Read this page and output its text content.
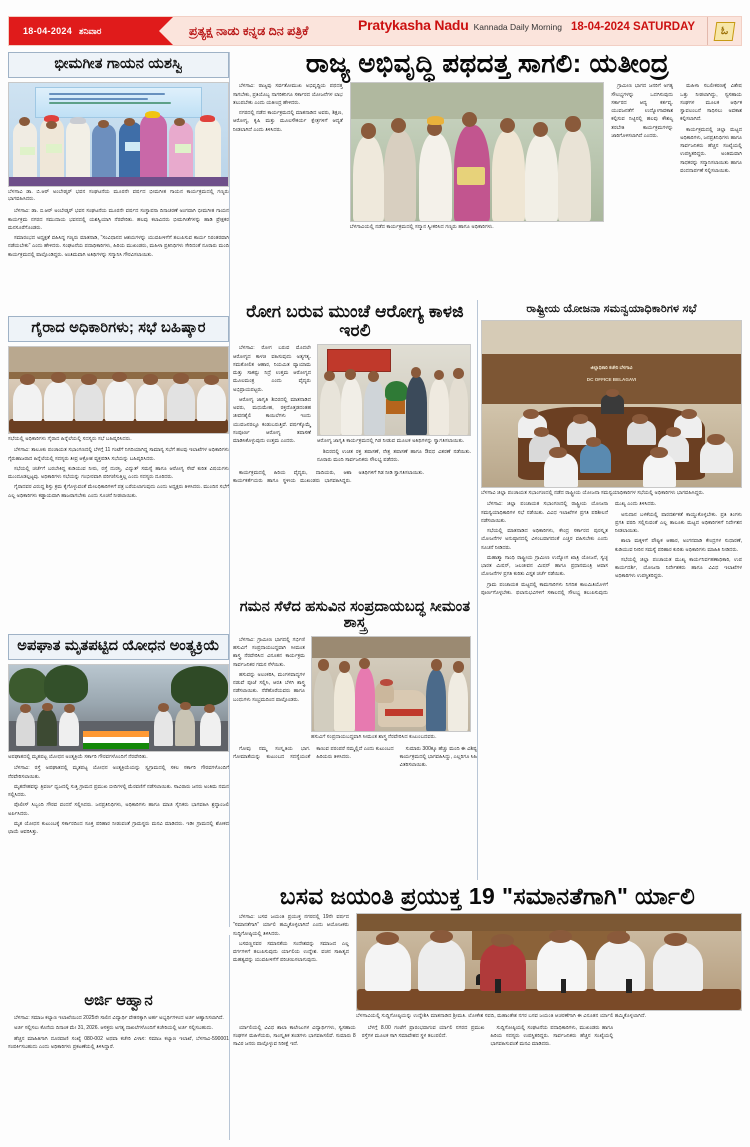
18-04-2024 ಶನಿವಾರ	ಪ್ರತ್ಯಕ್ಷ ನಾಡು ಕನ್ನಡ ದಿನ ಪತ್ರಿಕೆ	Pratykasha Nadu Kannada Daily Morning 18-04-2024 SATURDAY	ಓ
ಭೀಮಗೀತ ಗಾಯನ ಯಶಸ್ವಿ
ಬೆಳಗಾವಿ ಡಾ. ಬಿ.ಆರ್ ಅಂಬೇಡ್ಕರ್ ಭವನ ಸಂಘಟನೆಯ ಮೂರನೇ ವರ್ಷದ ಭೀಮಗೀತ ಗಾಯನ ಕಾರ್ಯಕ್ರಮದಲ್ಲಿ ಗಣ್ಯರು ಭಾಗವಹಿಸಿದರು.

ಬೆಳಗಾವಿ: ಡಾ. ಬಿ.ಆರ್ ಅಂಬೇಡ್ಕರ್ ಭವನ ಸಂಘಟನೆಯ ಮೂರನೇ ವರ್ಷದ ಸಂಸ್ಥಾಪನಾ ದಿನಾಚರಣೆ ಅಂಗವಾಗಿ ಭೀಮಗೀತ ಗಾಯನ ಕಾರ್ಯಕ್ರಮ ನಗರದ ಸಮುದಾಯ ಭವನದಲ್ಲಿ ಯಶಸ್ವಿಯಾಗಿ ನೆರವೇರಿತು. ಹಲವು ಕಲಾವಿದರು ಭೀಮಗೀತೆಗಳನ್ನು ಹಾಡಿ ಪ್ರೇಕ್ಷಕರ ಮನಸೂರೆಗೊಂಡರು.

ಸಮಾರಂಭದ ಅಧ್ಯಕ್ಷತೆ ವಹಿಸಿದ್ದ ಗಣ್ಯರು ಮಾತನಾಡಿ, "ಸಂವಿಧಾನದ ಆಶಯಗಳನ್ನು ಯುವಪೀಳಿಗೆಗೆ ತಲುಪಿಸುವ ಕಾರ್ಯ ನಿರಂತರವಾಗಿ ನಡೆಯಬೇಕು" ಎಂದು ಹೇಳಿದರು. ಸಂಘಟನೆಯ ಪದಾಧಿಕಾರಿಗಳು, ಹಿರಿಯ ಮುಖಂಡರು, ಮಹಿಳಾ ಪ್ರತಿನಿಧಿಗಳು ಸೇರಿದಂತೆ ನೂರಾರು ಮಂದಿ ಕಾರ್ಯಕ್ರಮದಲ್ಲಿ ಪಾಲ್ಗೊಂಡಿದ್ದರು. ಅಂತಿಮವಾಗಿ ಅತಿಥಿಗಳನ್ನು ಸನ್ಮಾನಿಸಿ ಗೌರವಿಸಲಾಯಿತು.

ಗೈರಾದ ಅಧಿಕಾರಿಗಳು; ಸಭೆ ಬಹಿಷ್ಕಾರ
ಸಭೆಯಲ್ಲಿ ಅಧಿಕಾರಿಗಳು ಗೈರಾದ ಹಿನ್ನೆಲೆಯಲ್ಲಿ ಸದಸ್ಯರು ಸಭೆ ಬಹಿಷ್ಕರಿಸಿದರು.

ಬೆಳಗಾವಿ: ತಾಲೂಕು ಪಂಚಾಯತ ಸಭಾಂಗಣದಲ್ಲಿ ಬೆಳಗ್ಗೆ 11 ಗಂಟೆಗೆ ನಿಗದಿಯಾಗಿದ್ದ ಸಾಮಾನ್ಯ ಸಭೆಗೆ ಹಲವು ಇಲಾಖೆಗಳ ಅಧಿಕಾರಿಗಳು ಗೈರುಹಾಜರಾದ ಹಿನ್ನೆಲೆಯಲ್ಲಿ ಸದಸ್ಯರು ತೀವ್ರ ಆಕ್ರೋಶ ವ್ಯಕ್ತಪಡಿಸಿ ಸಭೆಯನ್ನು ಬಹಿಷ್ಕರಿಸಿದರು.

ಸಭೆಯಲ್ಲಿ ಚರ್ಚೆಗೆ ಬರಬೇಕಿದ್ದ ಕುಡಿಯುವ ನೀರು, ರಸ್ತೆ ದುರಸ್ತಿ, ವಿದ್ಯುತ್ ಸಮಸ್ಯೆ ಹಾಗೂ ಆರೋಗ್ಯ ಸೇವೆ ಕುರಿತ ವಿಷಯಗಳು ಮುಂದೂಡಲ್ಪಟ್ಟವು. ಅಧಿಕಾರಿಗಳು ಸಭೆಯನ್ನು ಗಂಭೀರವಾಗಿ ಪರಿಗಣಿಸುತ್ತಿಲ್ಲ ಎಂದು ಸದಸ್ಯರು ದೂರಿದರು.

ಗೈರಾದವರ ವಿರುದ್ಧ ಶಿಸ್ತು ಕ್ರಮ ಕೈಗೊಳ್ಳುವಂತೆ ಮೇಲಧಿಕಾರಿಗಳಿಗೆ ಪತ್ರ ಬರೆಯಲಾಗುವುದು ಎಂದು ಅಧ್ಯಕ್ಷರು ತಿಳಿಸಿದರು. ಮುಂದಿನ ಸಭೆಗೆ ಎಲ್ಲ ಅಧಿಕಾರಿಗಳು ಕಡ್ಡಾಯವಾಗಿ ಹಾಜರಾಗಬೇಕು ಎಂದು ಸೂಚನೆ ನೀಡಲಾಯಿತು.

ಅಪಘಾತ ಮೃತಪಟ್ಟಿದ ಯೋಧನ ಅಂತ್ಯಕ್ರಿಯೆ
ಅಪಘಾತದಲ್ಲಿ ಮೃತಪಟ್ಟ ಯೋಧನ ಅಂತ್ಯಕ್ರಿಯೆ ಸರ್ಕಾರಿ ಗೌರವಗಳೊಂದಿಗೆ ನೆರವೇರಿತು.

ಬೆಳಗಾವಿ: ರಸ್ತೆ ಅಪಘಾತದಲ್ಲಿ ಮೃತಪಟ್ಟ ಯೋಧನ ಅಂತ್ಯಕ್ರಿಯೆಯನ್ನು ಸ್ವಗ್ರಾಮದಲ್ಲಿ ಸಕಲ ಸರ್ಕಾರಿ ಗೌರವಗಳೊಂದಿಗೆ ನೆರವೇರಿಸಲಾಯಿತು.

ಮೃತದೇಹವನ್ನು ತ್ರಿವರ್ಣ ಧ್ವಜದಲ್ಲಿ ಸುತ್ತಿ ಗ್ರಾಮದ ಪ್ರಮುಖ ಬೀದಿಗಳಲ್ಲಿ ಮೆರವಣಿಗೆ ನಡೆಸಲಾಯಿತು. ಸಾವಿರಾರು ಜನರು ಅಂತಿಮ ನಮನ ಸಲ್ಲಿಸಿದರು.

ಪೊಲೀಸ್ ಸಿಬ್ಬಂದಿ ಗೌರವ ವಂದನೆ ಸಲ್ಲಿಸಿದರು. ಜನಪ್ರತಿನಿಧಿಗಳು, ಅಧಿಕಾರಿಗಳು ಹಾಗೂ ಮಾಜಿ ಸೈನಿಕರು ಭಾಗವಹಿಸಿ ಶ್ರದ್ಧಾಂಜಲಿ ಅರ್ಪಿಸಿದರು.

ಮೃತ ಯೋಧನ ಕುಟುಂಬಕ್ಕೆ ಸರ್ಕಾರದಿಂದ ಸೂಕ್ತ ಪರಿಹಾರ ನೀಡುವಂತೆ ಗ್ರಾಮಸ್ಥರು ಮನವಿ ಮಾಡಿದರು. ಇಡೀ ಗ್ರಾಮದಲ್ಲಿ ಶೋಕದ ಛಾಯೆ ಆವರಿಸಿತ್ತು.

ಅರ್ಜಿ ಆಹ್ವಾನ

ಬೆಳಗಾವಿ: ಸಮಾಜ ಕಲ್ಯಾಣ ಇಲಾಖೆಯಿಂದ 2025ನೇ ಸಾಲಿನ ವಿದ್ಯಾರ್ಥಿ ವೇತನಕ್ಕಾಗಿ ಅರ್ಹ ಅಭ್ಯರ್ಥಿಗಳಿಂದ ಅರ್ಜಿ ಆಹ್ವಾನಿಸಲಾಗಿದೆ.

ಅರ್ಜಿ ಸಲ್ಲಿಸಲು ಕೊನೆಯ ದಿನಾಂಕ ಮೇ 31, 2026. ಆಸಕ್ತರು ಅಗತ್ಯ ದಾಖಲೆಗಳೊಂದಿಗೆ ಕಚೇರಿಯಲ್ಲಿ ಅರ್ಜಿ ಸಲ್ಲಿಸಬಹುದು.

ಹೆಚ್ಚಿನ ಮಾಹಿತಿಗಾಗಿ ದೂರವಾಣಿ ಸಂಖ್ಯೆ 080-002 ಅಥವಾ ಕಚೇರಿ ವಿಳಾಸ: ಸಮಾಜ ಕಲ್ಯಾಣ ಇಲಾಖೆ, ಬೆಳಗಾವಿ-590001 ಸಂಪರ್ಕಿಸಬಹುದು ಎಂದು ಅಧಿಕಾರಿಗಳು ಪ್ರಕಟಣೆಯಲ್ಲಿ ತಿಳಿಸಿದ್ದಾರೆ.

ರಾಜ್ಯ ಅಭಿವೃದ್ಧಿ ಪಥದತ್ತ ಸಾಗಲಿ: ಯತೀಂದ್ರ

ಬೆಳಗಾವಿ: ರಾಜ್ಯವು ಸರ್ವತೋಮುಖ ಅಭಿವೃದ್ಧಿಯ ಪಥದತ್ತ ಸಾಗಬೇಕು, ಪ್ರತಿಯೊಬ್ಬ ನಾಗರಿಕನಿಗೂ ಸರ್ಕಾರದ ಯೋಜನೆಗಳ ಲಾಭ ತಲುಪಬೇಕು ಎಂದು ಯತೀಂದ್ರ ಹೇಳಿದರು.

ನಗರದಲ್ಲಿ ನಡೆದ ಕಾರ್ಯಕ್ರಮದಲ್ಲಿ ಮಾತನಾಡಿದ ಅವರು, ಶಿಕ್ಷಣ, ಆರೋಗ್ಯ, ಕೃಷಿ ಮತ್ತು ಮೂಲಸೌಕರ್ಯ ಕ್ಷೇತ್ರಗಳಿಗೆ ಆದ್ಯತೆ ನೀಡಲಾಗಿದೆ ಎಂದು ತಿಳಿಸಿದರು.

ಬೆಳಗಾವಿಯಲ್ಲಿ ನಡೆದ ಕಾರ್ಯಕ್ರಮದಲ್ಲಿ ಸನ್ಮಾನ ಸ್ವೀಕರಿಸಿದ ಗಣ್ಯರು ಹಾಗೂ ಅಧಿಕಾರಿಗಳು.

ಗ್ರಾಮೀಣ ಭಾಗದ ಜನರಿಗೆ ಅಗತ್ಯ ಸೌಲಭ್ಯಗಳನ್ನು ಒದಗಿಸುವುದು ಸರ್ಕಾರದ ಆದ್ಯ ಕರ್ತವ್ಯ. ಯುವಜನತೆಗೆ ಉದ್ಯೋಗಾವಕಾಶ ಕಲ್ಪಿಸುವ ನಿಟ್ಟಿನಲ್ಲಿ ಹಲವು ಕೌಶಲ್ಯ ತರಬೇತಿ ಕಾರ್ಯಕ್ರಮಗಳನ್ನು ಜಾರಿಗೊಳಿಸಲಾಗಿದೆ ಎಂದರು.

ಮಹಿಳಾ ಸಬಲೀಕರಣಕ್ಕೆ ವಿಶೇಷ ಒತ್ತು ನೀಡಲಾಗಿದ್ದು, ಸ್ವಸಹಾಯ ಸಂಘಗಳ ಮೂಲಕ ಆರ್ಥಿಕ ಸ್ವಾವಲಂಬನೆ ಸಾಧಿಸಲು ಅವಕಾಶ ಕಲ್ಪಿಸಲಾಗಿದೆ.

ಕಾರ್ಯಕ್ರಮದಲ್ಲಿ ಜಿಲ್ಲಾ ಮಟ್ಟದ ಅಧಿಕಾರಿಗಳು, ಜನಪ್ರತಿನಿಧಿಗಳು ಹಾಗೂ ಸಾರ್ವಜನಿಕರು ಹೆಚ್ಚಿನ ಸಂಖ್ಯೆಯಲ್ಲಿ ಉಪಸ್ಥಿತರಿದ್ದರು. ಅಂತಿಮವಾಗಿ ಸಾಧಕರನ್ನು ಸನ್ಮಾನಿಸಲಾಯಿತು ಹಾಗೂ ವಂದನಾರ್ಪಣೆ ಸಲ್ಲಿಸಲಾಯಿತು.

ರೋಗ ಬರುವ ಮುಂಚೆ ಆರೋಗ್ಯ ಕಾಳಜಿ ಇರಲಿ

ಬೆಳಗಾವಿ: ರೋಗ ಬರುವ ಮೊದಲೇ ಆರೋಗ್ಯದ ಕಾಳಜಿ ವಹಿಸುವುದು ಅತ್ಯಗತ್ಯ. ಸಮತೋಲಿತ ಆಹಾರ, ನಿಯಮಿತ ವ್ಯಾಯಾಮ ಮತ್ತು ಸಾಕಷ್ಟು ನಿದ್ರೆ ಉತ್ತಮ ಆರೋಗ್ಯದ ಮೂಲಮಂತ್ರ ಎಂದು ವೈದ್ಯರು ಅಭಿಪ್ರಾಯಪಟ್ಟರು.

ಆರೋಗ್ಯ ಜಾಗೃತಿ ಶಿಬಿರದಲ್ಲಿ ಮಾತನಾಡಿದ ಅವರು, ಮಧುಮೇಹ, ರಕ್ತದೊತ್ತಡದಂತಹ ಜೀವನಶೈಲಿ ಕಾಯಿಲೆಗಳು ಇಂದು ಯುವಜನರಲ್ಲೂ ಕಂಡುಬರುತ್ತಿವೆ. ವರ್ಷಕ್ಕೊಮ್ಮೆ ಸಂಪೂರ್ಣ ಆರೋಗ್ಯ ತಪಾಸಣೆ ಮಾಡಿಸಿಕೊಳ್ಳುವುದು ಉತ್ತಮ ಎಂದರು.	ಆರೋಗ್ಯ ಜಾಗೃತಿ ಕಾರ್ಯಕ್ರಮದಲ್ಲಿ ಗಿಡ ನೀಡುವ ಮೂಲಕ ಅತಿಥಿಗಳನ್ನು ಸ್ವಾಗತಿಸಲಾಯಿತು.

ಶಿಬಿರದಲ್ಲಿ ಉಚಿತ ರಕ್ತ ತಪಾಸಣೆ, ನೇತ್ರ ತಪಾಸಣೆ ಹಾಗೂ ಔಷಧ ವಿತರಣೆ ನಡೆಯಿತು. ನೂರಾರು ಮಂದಿ ಸಾರ್ವಜನಿಕರು ಸೌಲಭ್ಯ ಪಡೆದರು.

ಕಾರ್ಯಕ್ರಮದಲ್ಲಿ ಹಿರಿಯ ವೈದ್ಯರು, ದಾದಿಯರು, ಆಶಾ ಕಾರ್ಯಕರ್ತೆಯರು ಹಾಗೂ ಸ್ಥಳೀಯ ಮುಖಂಡರು ಭಾಗವಹಿಸಿದ್ದರು. ಅತಿಥಿಗಳಿಗೆ ಗಿಡ ನೀಡಿ ಸ್ವಾಗತಿಸಲಾಯಿತು.

ಗಮನ ಸೆಳೆದ ಹಸುವಿನ ಸಂಪ್ರದಾಯಬದ್ಧ ಸೀಮಂತ ಶಾಸ್ತ್ರ

ಬೆಳಗಾವಿ: ಗ್ರಾಮೀಣ ಭಾಗದಲ್ಲಿ ಗರ್ಭಿಣಿ ಹಸುವಿಗೆ ಸಂಪ್ರದಾಯಬದ್ಧವಾಗಿ ಸೀಮಂತ ಶಾಸ್ತ್ರ ನೆರವೇರಿಸಿದ ವಿನೂತನ ಕಾರ್ಯಕ್ರಮ ಸಾರ್ವಜನಿಕರ ಗಮನ ಸೆಳೆಯಿತು.

ಹಸುವನ್ನು ಅಲಂಕರಿಸಿ, ಮಂಗಳವಾದ್ಯಗಳ ನಡುವೆ ಪೂಜೆ ಸಲ್ಲಿಸಿ, ಆರತಿ ಬೆಳಗಿ ಶಾಸ್ತ್ರ ನಡೆಸಲಾಯಿತು. ನೆರೆಹೊರೆಯವರು ಹಾಗೂ ಬಂಧುಗಳು ಸಂಭ್ರಮದಿಂದ ಪಾಲ್ಗೊಂಡರು.

ಹಸುವಿಗೆ ಸಂಪ್ರದಾಯಬದ್ಧವಾಗಿ ಸೀಮಂತ ಶಾಸ್ತ್ರ ನೆರವೇರಿಸಿದ ಕುಟುಂಬದವರು.

ಗೋವು ನಮ್ಮ ಸಂಸ್ಕೃತಿಯ ಭಾಗ. ಗೋಮಾತೆಯನ್ನು ಕುಟುಂಬದ ಸದಸ್ಯೆಯಂತೆ ಕಾಣುವ ಪರಂಪರೆ ನಮ್ಮಲ್ಲಿದೆ ಎಂದು ಕುಟುಂಬದ ಹಿರಿಯರು ತಿಳಿಸಿದರು.

ಸುಮಾರು 300ಕ್ಕೂ ಹೆಚ್ಚು ಮಂದಿ ಈ ವಿಶಿಷ್ಟ ಕಾರ್ಯಕ್ರಮದಲ್ಲಿ ಭಾಗವಹಿಸಿದ್ದು, ಎಲ್ಲರಿಗೂ ಸಿಹಿ ವಿತರಿಸಲಾಯಿತು.

ರಾಷ್ಟ್ರೀಯ ಯೋಜನಾ ಸಮನ್ವಯಾಧಿಕಾರಿಗಳ ಸಭೆ
ಜಿಲ್ಲಾಧಿಕಾರಿ ಕಚೇರಿ ಬೆಳಗಾವಿ
DC OFFICE BELAGAVI
ಬೆಳಗಾವಿ ಜಿಲ್ಲಾ ಪಂಚಾಯತ ಸಭಾಂಗಣದಲ್ಲಿ ನಡೆದ ರಾಷ್ಟ್ರೀಯ ಯೋಜನಾ ಸಮನ್ವಯಾಧಿಕಾರಿಗಳ ಸಭೆಯಲ್ಲಿ ಅಧಿಕಾರಿಗಳು ಭಾಗವಹಿಸಿದ್ದರು.

ಬೆಳಗಾವಿ: ಜಿಲ್ಲಾ ಪಂಚಾಯತ ಸಭಾಂಗಣದಲ್ಲಿ ರಾಷ್ಟ್ರೀಯ ಯೋಜನಾ ಸಮನ್ವಯಾಧಿಕಾರಿಗಳ ಸಭೆ ನಡೆಯಿತು. ವಿವಿಧ ಇಲಾಖೆಗಳ ಪ್ರಗತಿ ಪರಿಶೀಲನೆ ನಡೆಸಲಾಯಿತು.

ಸಭೆಯಲ್ಲಿ ಮಾತನಾಡಿದ ಅಧಿಕಾರಿಗಳು, ಕೇಂದ್ರ ಸರ್ಕಾರದ ಪುರಸ್ಕೃತ ಯೋಜನೆಗಳ ಅನುಷ್ಠಾನದಲ್ಲಿ ವಿಳಂಬವಾಗದಂತೆ ಎಚ್ಚರ ವಹಿಸಬೇಕು ಎಂದು ಸೂಚನೆ ನೀಡಿದರು.

ಮಹಾತ್ಮಾ ಗಾಂಧಿ ರಾಷ್ಟ್ರೀಯ ಗ್ರಾಮೀಣ ಉದ್ಯೋಗ ಖಾತ್ರಿ ಯೋಜನೆ, ಸ್ವಚ್ಛ ಭಾರತ ಮಿಷನ್, ಜಲಜೀವನ ಮಿಷನ್ ಹಾಗೂ ಪ್ರಧಾನಮಂತ್ರಿ ಆವಾಸ ಯೋಜನೆಗಳ ಪ್ರಗತಿ ಕುರಿತು ವಿಸ್ತೃತ ಚರ್ಚೆ ನಡೆಯಿತು.

ಗ್ರಾಮ ಪಂಚಾಯತ ಮಟ್ಟದಲ್ಲಿ ಕಾಮಗಾರಿಗಳು ನಿಗದಿತ ಕಾಲಮಿತಿಯೊಳಗೆ ಪೂರ್ಣಗೊಳ್ಳಬೇಕು. ಫಲಾನುಭವಿಗಳಿಗೆ ಸಕಾಲದಲ್ಲಿ ಸೌಲಭ್ಯ ತಲುಪಿಸುವುದು ಮುಖ್ಯ ಎಂದು ತಿಳಿಸಿದರು.

ಅನುದಾನ ಬಳಕೆಯಲ್ಲಿ ಪಾರದರ್ಶಕತೆ ಕಾಯ್ದುಕೊಳ್ಳಬೇಕು. ಪ್ರತಿ ತಿಂಗಳು ಪ್ರಗತಿ ವರದಿ ಸಲ್ಲಿಸುವಂತೆ ಎಲ್ಲ ತಾಲೂಕು ಮಟ್ಟದ ಅಧಿಕಾರಿಗಳಿಗೆ ನಿರ್ದೇಶನ ನೀಡಲಾಯಿತು.

ಶಾಲಾ ಮಕ್ಕಳಿಗೆ ಪೌಷ್ಟಿಕ ಆಹಾರ, ಅಂಗನವಾಡಿ ಕೇಂದ್ರಗಳ ಸುಧಾರಣೆ, ಕುಡಿಯುವ ನೀರಿನ ಸಮಸ್ಯೆ ಪರಿಹಾರ ಕುರಿತು ಅಧಿಕಾರಿಗಳು ಮಾಹಿತಿ ನೀಡಿದರು.

ಸಭೆಯಲ್ಲಿ ಜಿಲ್ಲಾ ಪಂಚಾಯತ ಮುಖ್ಯ ಕಾರ್ಯನಿರ್ವಹಣಾಧಿಕಾರಿ, ಉಪ ಕಾರ್ಯದರ್ಶಿ, ಯೋಜನಾ ನಿರ್ದೇಶಕರು ಹಾಗೂ ವಿವಿಧ ಇಲಾಖೆಗಳ ಅಧಿಕಾರಿಗಳು ಉಪಸ್ಥಿತರಿದ್ದರು.

ಬಸವ ಜಯಂತಿ ಪ್ರಯುಕ್ತ 19 "ಸಮಾನತೆಗಾಗಿ" ರ್ಯಾಲಿ

ಬೆಳಗಾವಿ: ಬಸವ ಜಯಂತಿ ಪ್ರಯುಕ್ತ ನಗರದಲ್ಲಿ 19ನೇ ವರ್ಷದ "ಸಮಾನತೆಗಾಗಿ" ರ್ಯಾಲಿ ಹಮ್ಮಿಕೊಳ್ಳಲಾಗಿದೆ ಎಂದು ಆಯೋಜಕರು ಸುದ್ದಿಗೋಷ್ಠಿಯಲ್ಲಿ ತಿಳಿಸಿದರು.

ಬಸವಣ್ಣನವರ ಸಮಾನತೆಯ ಸಂದೇಶವನ್ನು ಸಮಾಜದ ಎಲ್ಲ ವರ್ಗಗಳಿಗೆ ತಲುಪಿಸುವುದು ರ್ಯಾಲಿಯ ಉದ್ದೇಶ. ವಚನ ಸಾಹಿತ್ಯದ ಮಹತ್ವವನ್ನು ಯುವಪೀಳಿಗೆಗೆ ಪರಿಚಯಿಸಲಾಗುವುದು.

ಬೆಳಗಾವಿಯಲ್ಲಿ ಸುದ್ದಿಗೋಷ್ಠಿಯನ್ನು ಉದ್ದೇಶಿಸಿ ಮಾತನಾಡಿದ ಶ್ರೀಮತಿ. ಲೋಕೇಶ ಸವದಿ, ಮಹಾಂತೇಶ ನಗರ ಬಸವ ಜಯಂತಿ ಆಚರಣೆಗಾಗಿ ಈ ವಿನೂತನ ರ್ಯಾಲಿ ಹಮ್ಮಿಕೊಳ್ಳಲಾಗಿದೆ.

ರ್ಯಾಲಿಯಲ್ಲಿ ವಿವಿಧ ಶಾಲಾ ಕಾಲೇಜುಗಳ ವಿದ್ಯಾರ್ಥಿಗಳು, ಸ್ವಸಹಾಯ ಸಂಘಗಳ ಮಹಿಳೆಯರು, ಸಾಂಸ್ಕೃತಿಕ ತಂಡಗಳು ಭಾಗವಹಿಸಲಿವೆ. ಸುಮಾರು 8 ಸಾವಿರ ಜನರು ಪಾಲ್ಗೊಳ್ಳುವ ನಿರೀಕ್ಷೆ ಇದೆ.

ಬೆಳಗ್ಗೆ 8.00 ಗಂಟೆಗೆ ಪ್ರಾರಂಭವಾಗುವ ರ್ಯಾಲಿ ನಗರದ ಪ್ರಮುಖ ರಸ್ತೆಗಳ ಮೂಲಕ ಸಾಗಿ ಸಮಾವೇಶದ ಸ್ಥಳ ತಲುಪಲಿದೆ.

ಸುದ್ದಿಗೋಷ್ಠಿಯಲ್ಲಿ ಸಂಘಟನೆಯ ಪದಾಧಿಕಾರಿಗಳು, ಮುಖಂಡರು ಹಾಗೂ ಹಿರಿಯ ಸದಸ್ಯರು ಉಪಸ್ಥಿತರಿದ್ದರು. ಸಾರ್ವಜನಿಕರು ಹೆಚ್ಚಿನ ಸಂಖ್ಯೆಯಲ್ಲಿ ಭಾಗವಹಿಸುವಂತೆ ಮನವಿ ಮಾಡಿದರು.
